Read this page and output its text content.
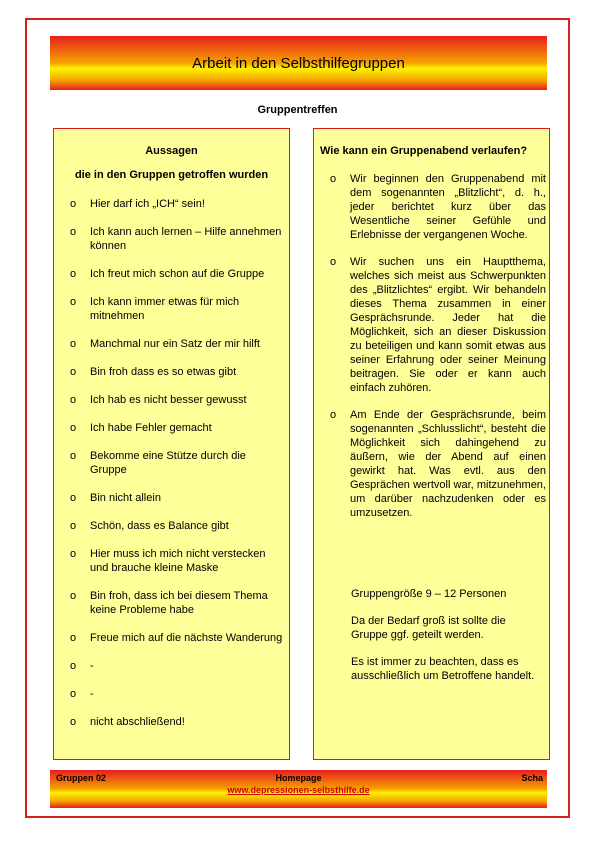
Arbeit in den Selbsthilfegruppen
Gruppentreffen
Aussagen
die in den Gruppen getroffen wurden
o Hier darf ich „ICH“ sein!
o Ich kann auch lernen – Hilfe annehmen können
o Ich freut mich schon auf die Gruppe
o Ich kann immer etwas für mich mitnehmen
o Manchmal nur ein Satz der mir hilft
o Bin froh dass es so etwas gibt
o Ich hab es nicht besser gewusst
o Ich habe Fehler gemacht
o Bekomme eine Stütze durch die Gruppe
o Bin nicht allein
o Schön, dass es Balance gibt
o Hier muss ich mich nicht verstecken und brauche kleine Maske
o Bin froh, dass ich bei diesem Thema keine Probleme habe
o Freue mich auf die nächste Wanderung
o -
o -
o nicht abschließend!
Wie kann ein Gruppenabend verlaufen?
o Wir beginnen den Gruppenabend mit dem sogenannten „Blitzlicht“, d. h., jeder berichtet kurz über das Wesentliche seiner Gefühle und Erlebnisse der vergangenen Woche.
o Wir suchen uns ein Hauptthema, welches sich meist aus Schwerpunkten des „Blitzlichtes“ ergibt. Wir behandeln dieses Thema zusammen in einer Gesprächsrunde. Jeder hat die Möglichkeit, sich an dieser Diskussion zu beteiligen und kann somit etwas aus seiner Erfahrung oder seiner Meinung beitragen. Sie oder er kann auch einfach zuhören.
o Am Ende der Gesprächsrunde, beim sogenannten „Schlusslicht“, besteht die Möglichkeit sich dahingehend zu äußern, wie der Abend auf einen gewirkt hat. Was evtl. aus den Gesprächen wertvoll war, mitzunehmen, um darüber nachzudenken oder es umzusetzen.

Gruppengröße 9 – 12 Personen

Da der Bedarf groß ist sollte die Gruppe ggf. geteilt werden.

Es ist immer zu beachten, dass es ausschließlich um Betroffene handelt.

Gruppen 02	Homepage	Scha
www.depressionen-selbsthilfe.de
